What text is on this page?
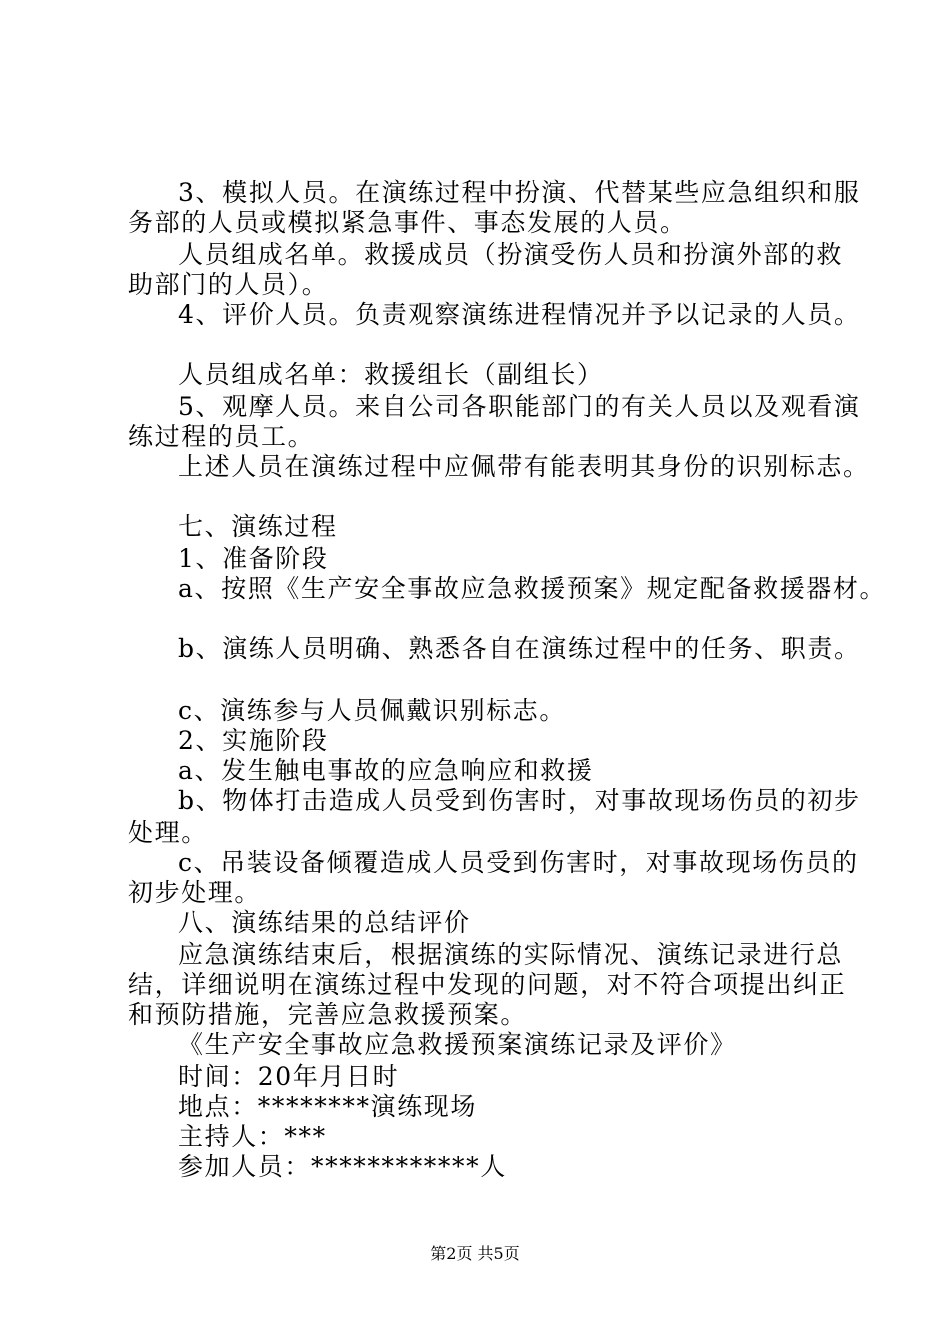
3、模拟人员。在演练过程中扮演、代替某些应急组织和服
务部的人员或模拟紧急事件、事态发展的人员。
人员组成名单。救援成员（扮演受伤人员和扮演外部的救
助部门的人员）。
4、评价人员。负责观察演练进程情况并予以记录的人员。
人员组成名单：救援组长（副组长）
5、观摩人员。来自公司各职能部门的有关人员以及观看演
练过程的员工。
上述人员在演练过程中应佩带有能表明其身份的识别标志。
七、演练过程
1、准备阶段
a、按照《生产安全事故应急救援预案》规定配备救援器材。
b、演练人员明确、熟悉各自在演练过程中的任务、职责。
c、演练参与人员佩戴识别标志。
2、实施阶段
a、发生触电事故的应急响应和救援
b、物体打击造成人员受到伤害时，对事故现场伤员的初步
处理。
c、吊装设备倾覆造成人员受到伤害时，对事故现场伤员的
初步处理。
八、演练结果的总结评价
应急演练结束后，根据演练的实际情况、演练记录进行总
结，详细说明在演练过程中发现的问题，对不符合项提出纠正
和预防措施，完善应急救援预案。
《生产安全事故应急救援预案演练记录及评价》
时间：20年月日时
地点：********演练现场
主持人：***
参加人员：************人
第2页 共5页
